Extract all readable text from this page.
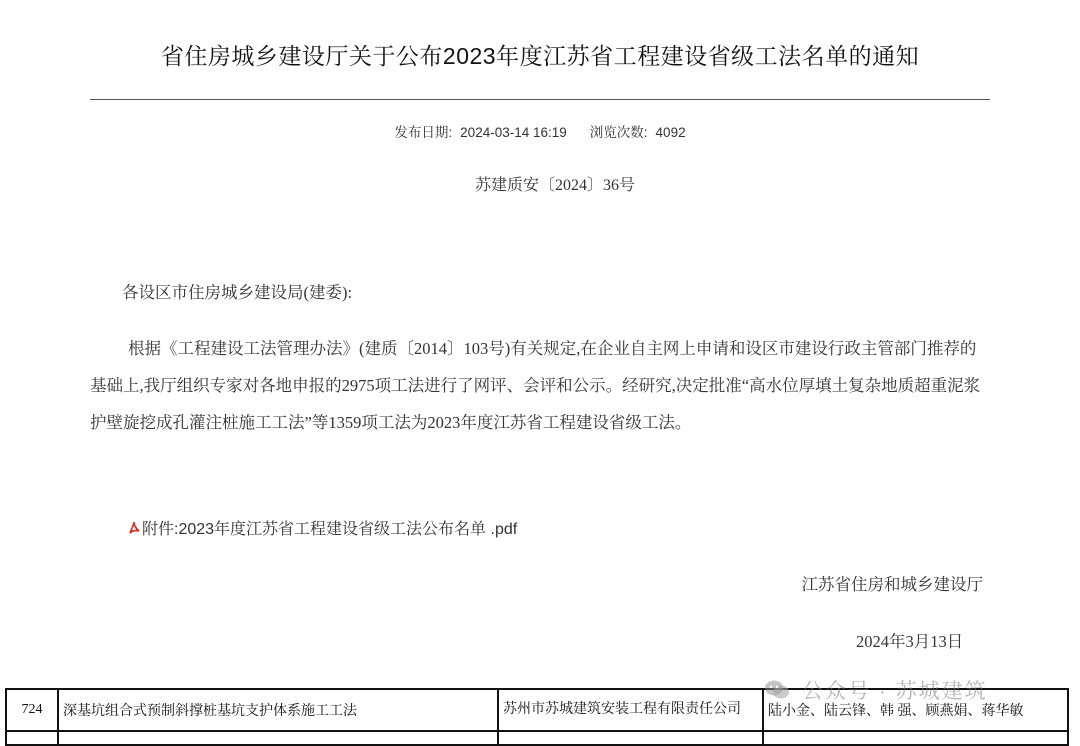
省住房城乡建设厅关于公布2023年度江苏省工程建设省级工法名单的通知
发布日期: 2024-03-14 16:19 浏览次数: 4092
苏建质安〔2024〕36号
各设区市住房城乡建设局(建委):

根据《工程建设工法管理办法》(建质〔2014〕103号)有关规定,在企业自主网上申请和设区市建设行政主管部门推荐的基础上,我厅组织专家对各地申报的2975项工法进行了网评、会评和公示。经研究,决定批准“高水位厚填土复杂地质超重泥浆护壁旋挖成孔灌注桩施工工法”等1359项工法为2023年度江苏省工程建设省级工法。

附件: 2023年度江苏省工程建设省级工法公布名单 .pdf
江苏省住房和城乡建设厅
2024年3月13日
724	深基坑组合式预制斜撑桩基坑支护体系施工工法	苏州市苏城建筑安装工程有限责任公司	陆小金、陆云锋、韩 强、顾燕娟、蒋华敏

公众号 · 苏城建筑
